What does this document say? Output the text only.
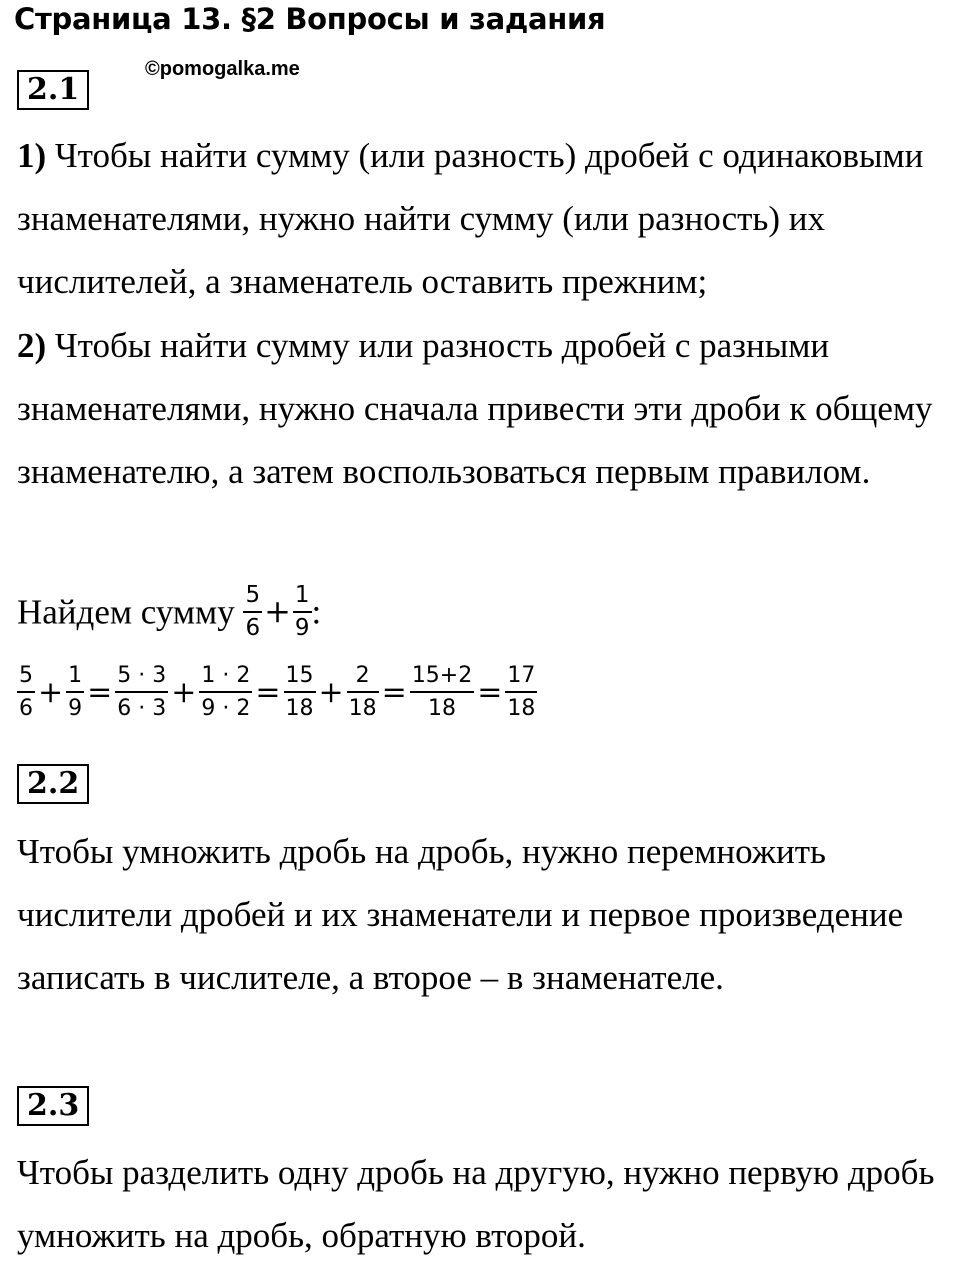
Страница 13. §2 Вопросы и задания
©pomogalka.me
2.1

1) Чтобы найти сумму (или разность) дробей с одинаковыми знаменателями, нужно найти сумму (или разность) их числителей, а знаменатель оставить прежним;

2) Чтобы найти сумму или разность дробей с разными знаменателями, нужно сначала привести эти дроби к общему знаменателю, а затем воспользоваться первым правилом.

Найдем сумму $\frac{5}{6} + \frac{1}{9}$ :
$\frac{5}{6} + \frac{1}{9} = \frac{5 \cdot 3}{6 \cdot 3} + \frac{1 \cdot 2}{9 \cdot 2} = \frac{15}{18} + \frac{2}{18} = \frac{15+2}{18} = \frac{17}{18}$
2.2

Чтобы умножить дробь на дробь, нужно перемножить числители дробей и их знаменатели и первое произведение записать в числителе, а второе – в знаменателе.

2.3

Чтобы разделить одну дробь на другую, нужно первую дробь умножить на дробь, обратную второй.
